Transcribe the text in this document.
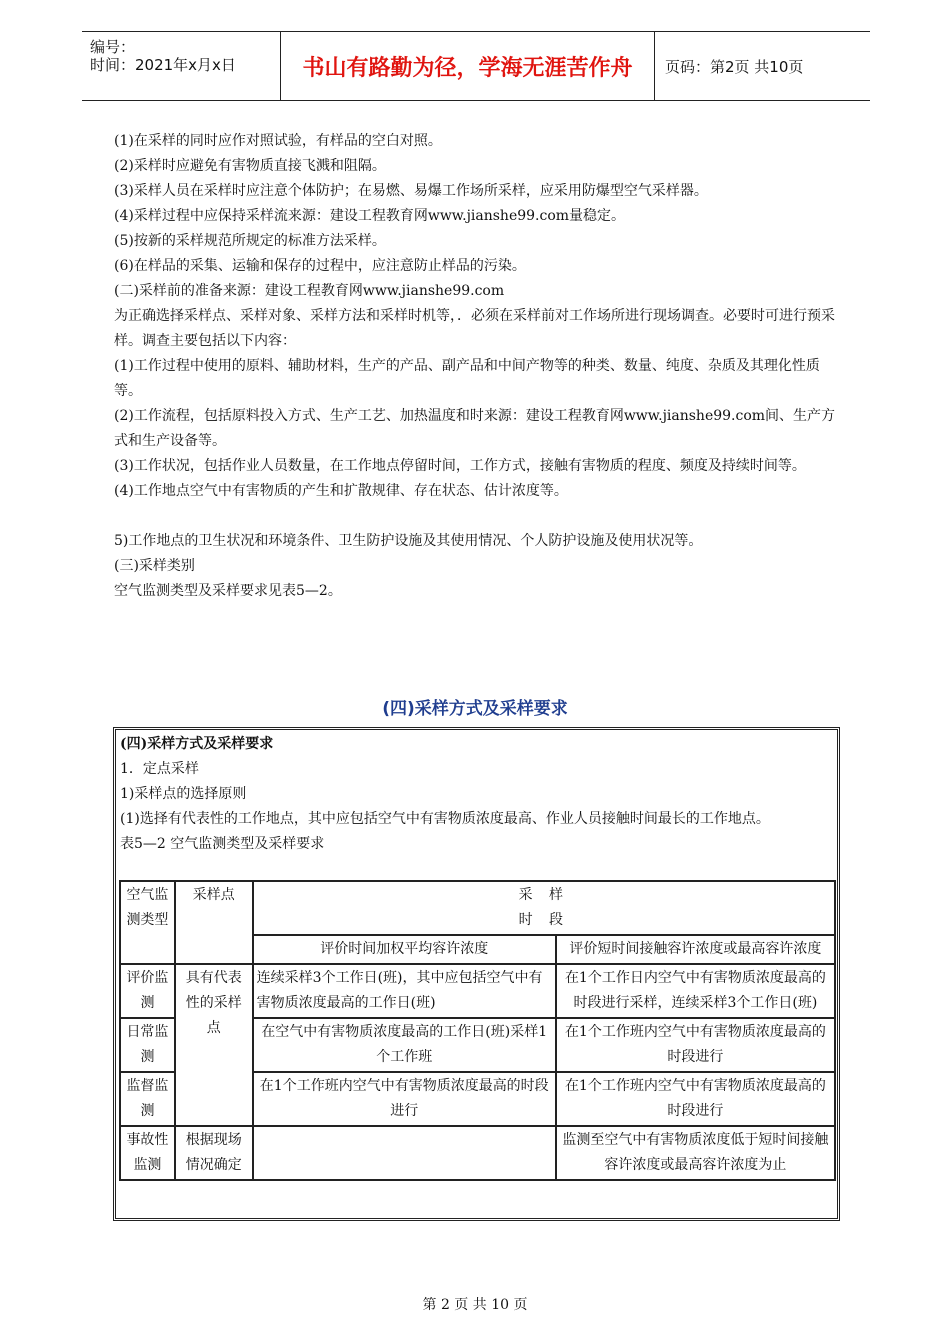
编号：
时间：2021年x月x日	书山有路勤为径，学海无涯苦作舟	页码：第2页 共10页

(1)在采样的同时应作对照试验，有样品的空白对照。

(2)采样时应避免有害物质直接飞溅和阻隔。

(3)采样人员在采样时应注意个体防护；在易燃、易爆工作场所采样，应采用防爆型空气采样器。

(4)采样过程中应保持采样流来源：建设工程教育网www.jianshe99.com量稳定。

(5)按新的采样规范所规定的标准方法采样。

(6)在样品的采集、运输和保存的过程中，应注意防止样品的污染。

(二)采样前的准备来源：建设工程教育网www.jianshe99.com

为正确选择采样点、采样对象、采样方法和采样时机等，．必须在采样前对工作场所进行现场调查。必要时可进行预采样。调查主要包括以下内容：

(1)工作过程中使用的原料、辅助材料，生产的产品、副产品和中间产物等的种类、数量、纯度、杂质及其理化性质等。

(2)工作流程，包括原料投入方式、生产工艺、加热温度和时来源：建设工程教育网www.jianshe99.com间、生产方式和生产设备等。

(3)工作状况，包括作业人员数量，在工作地点停留时间，工作方式，接触有害物质的程度、频度及持续时间等。

(4)工作地点空气中有害物质的产生和扩散规律、存在状态、估计浓度等。

5)工作地点的卫生状况和环境条件、卫生防护设施及其使用情况、个人防护设施及使用状况等。

(三)采样类别

空气监测类型及采样要求见表5—2。

(四)采样方式及采样要求

(四)采样方式及采样要求

1．定点采样

1)采样点的选择原则

(1)选择有代表性的工作地点，其中应包括空气中有害物质浓度最高、作业人员接触时间最长的工作地点。

表5—2 空气监测类型及采样要求

空气监测类型	采样点	采 样
时 段	

		评价时间加权平均容许浓度	评价短时间接触容许浓度或最高容许浓度
评价监测	具有代表性的采样点	连续采样3个工作日(班)，其中应包括空气中有害物质浓度最高的工作日(班)	在1个工作日内空气中有害物质浓度最高的时段进行采样，连续采样3个工作日(班)
日常监测		在空气中有害物质浓度最高的工作日(班)采样1个工作班	在1个工作班内空气中有害物质浓度最高的时段进行
监督监测		在1个工作班内空气中有害物质浓度最高的时段进行	在1个工作班内空气中有害物质浓度最高的时段进行
事故性监测	根据现场情况确定		监测至空气中有害物质浓度低于短时间接触容许浓度或最高容许浓度为止
第 2 页 共 10 页
